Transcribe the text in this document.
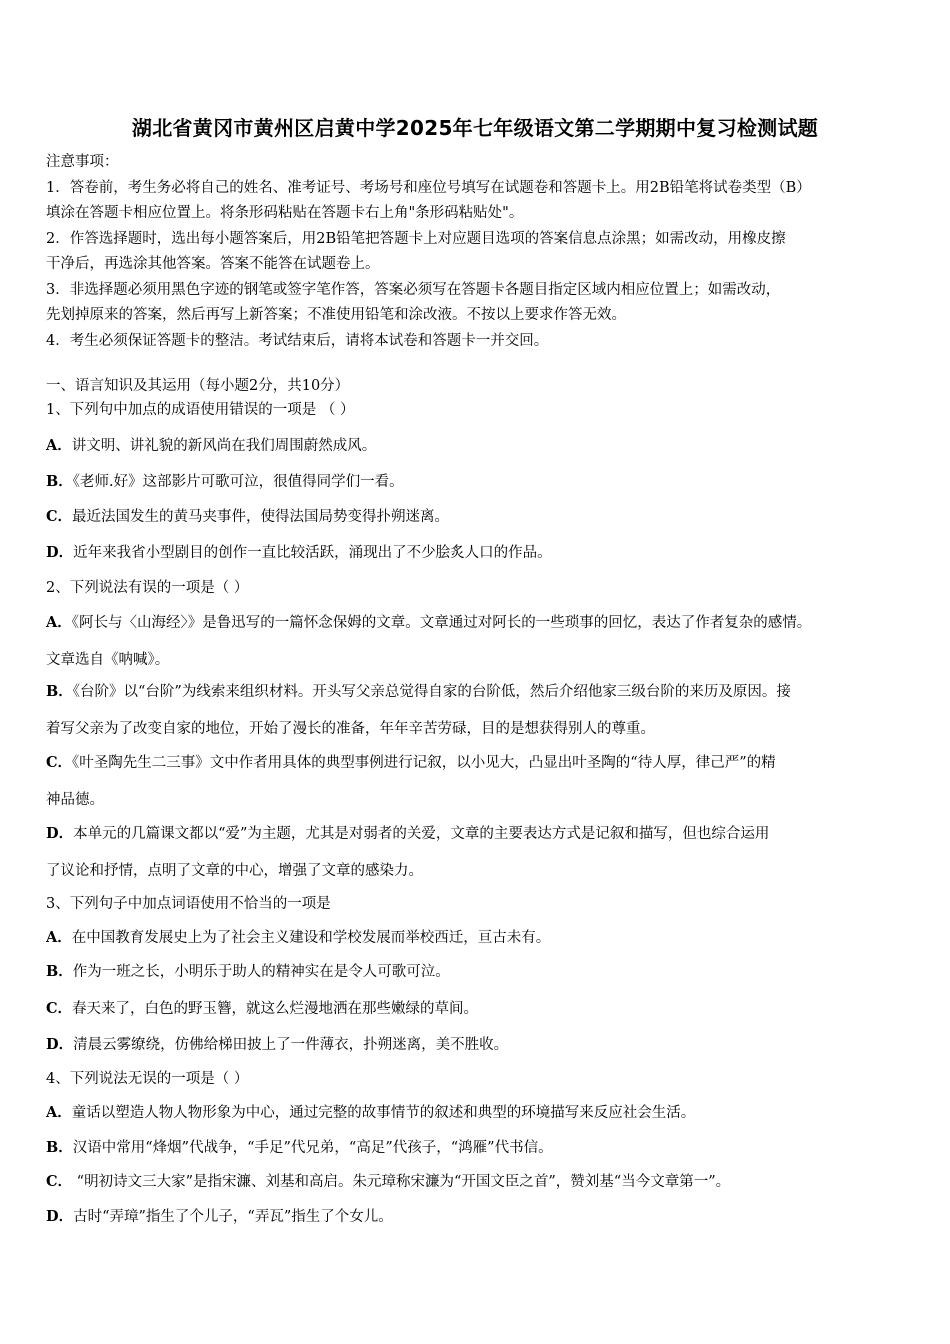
湖北省黄冈市黄州区启黄中学2025年七年级语文第二学期期中复习检测试题

注意事项：

1．答卷前，考生务必将自己的姓名、准考证号、考场号和座位号填写在试题卷和答题卡上。用2B铅笔将试卷类型（B）

填涂在答题卡相应位置上。将条形码粘贴在答题卡右上角"条形码粘贴处"。

2．作答选择题时，选出每小题答案后，用2B铅笔把答题卡上对应题目选项的答案信息点涂黑；如需改动，用橡皮擦

干净后，再选涂其他答案。答案不能答在试题卷上。

3．非选择题必须用黑色字迹的钢笔或签字笔作答，答案必须写在答题卡各题目指定区域内相应位置上；如需改动，

先划掉原来的答案，然后再写上新答案；不准使用铅笔和涂改液。不按以上要求作答无效。

4．考生必须保证答题卡的整洁。考试结束后，请将本试卷和答题卡一并交回。

一、语言知识及其运用（每小题2分，共10分）
1、下列句中加点的成语使用错误的一项是 （ ）
A．讲文明、讲礼貌的新风尚在我们周围蔚然成风。
B．《老师.好》这部影片可歌可泣，很值得同学们一看。
C．最近法国发生的黄马夹事件，使得法国局势变得扑朔迷离。
D．近年来我省小型剧目的创作一直比较活跃，涌现出了不少脍炙人口的作品。
2、下列说法有误的一项是（ ）
A．《阿长与〈山海经〉》是鲁迅写的一篇怀念保姆的文章。文章通过对阿长的一些琐事的回忆，表达了作者复杂的感情。
文章选自《呐喊》。
B．《台阶》以“台阶”为线索来组织材料。开头写父亲总觉得自家的台阶低，然后介绍他家三级台阶的来历及原因。接
着写父亲为了改变自家的地位，开始了漫长的准备，年年辛苦劳碌，目的是想获得别人的尊重。
C．《叶圣陶先生二三事》文中作者用具体的典型事例进行记叙，以小见大，凸显出叶圣陶的“待人厚，律己严”的精
神品德。
D．本单元的几篇课文都以“爱”为主题，尤其是对弱者的关爱，文章的主要表达方式是记叙和描写，但也综合运用
了议论和抒情，点明了文章的中心，增强了文章的感染力。
3、下列句子中加点词语使用不恰当的一项是
A．在中国教育发展史上为了社会主义建设和学校发展而举校西迁，亘古未有。
B．作为一班之长，小明乐于助人的精神实在是令人可歌可泣。
C．春天来了，白色的野玉簪，就这么烂漫地洒在那些嫩绿的草间。
D．清晨云雾缭绕，仿佛给梯田披上了一件薄衣，扑朔迷离，美不胜收。
4、下列说法无误的一项是（ ）
A．童话以塑造人物人物形象为中心，通过完整的故事情节的叙述和典型的环境描写来反应社会生活。
B．汉语中常用“烽烟”代战争，“手足”代兄弟，“高足”代孩子，“鸿雁”代书信。
C． “明初诗文三大家”是指宋濂、刘基和高启。朱元璋称宋濂为“开国文臣之首”，赞刘基“当今文章第一”。
D．古时“弄璋”指生了个儿子，“弄瓦”指生了个女儿。
